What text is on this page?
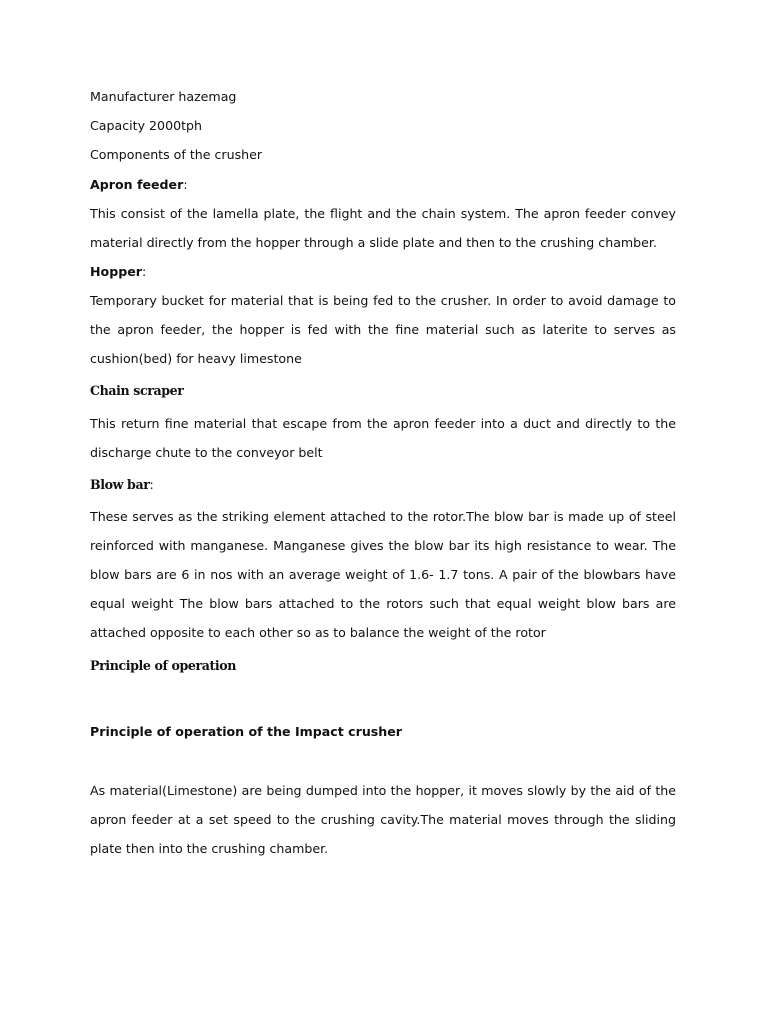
Manufacturer hazemag

Capacity 2000tph

Components of the crusher

Apron feeder:

This consist of the lamella plate, the flight and the chain system. The apron feeder convey

material directly from the hopper through a slide plate and then to the crushing chamber.

Hopper:

Temporary bucket for material that is being fed to the crusher. In order to avoid damage to

the apron feeder, the hopper is fed with the fine material such as laterite to serves as

cushion(bed) for heavy limestone

Chain scraper

This return fine material that escape from the apron feeder into a duct and directly to the

discharge chute to the conveyor belt

Blow bar:

These serves as the striking element attached to the rotor.The blow bar is made up of steel

reinforced with manganese. Manganese gives the blow bar its high resistance to wear. The

blow bars are 6 in nos with an average weight of 1.6- 1.7 tons. A pair of the blowbars have

equal weight The blow bars attached to the rotors such that equal weight blow bars are

attached opposite to each other so as to balance the weight of the rotor

Principle of operation

Principle of operation of the Impact crusher

As material(Limestone) are being dumped into the hopper, it moves slowly by the aid of the

apron feeder at a set speed to the crushing cavity.The material moves through the sliding

plate then into the crushing chamber.
